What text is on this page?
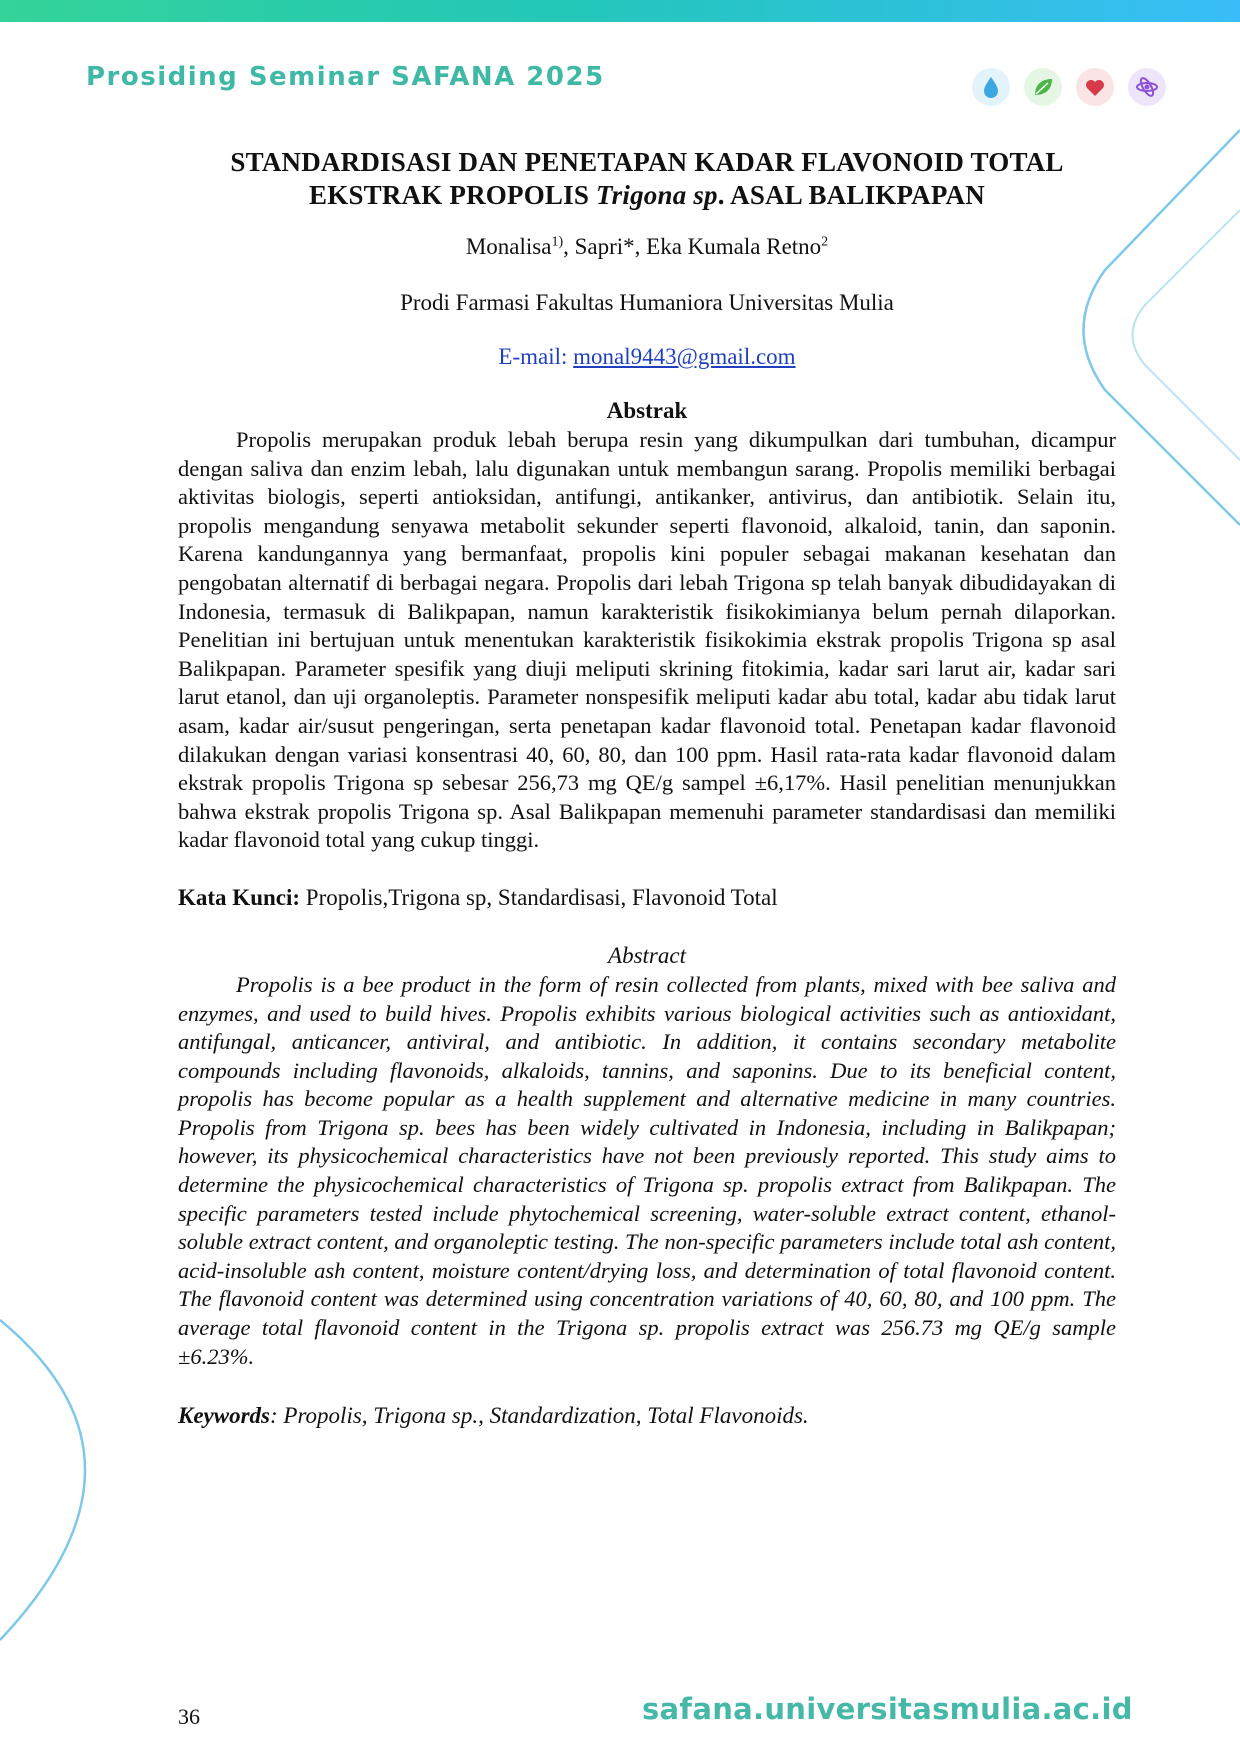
Prosiding Seminar SAFANA 2025
STANDARDISASI DAN PENETAPAN KADAR FLAVONOID TOTAL
EKSTRAK PROPOLIS Trigona sp. ASAL BALIKPAPAN
Monalisa$^{1)}$, Sapri*, Eka Kumala Retno$^2$
Prodi Farmasi Fakultas Humaniora Universitas Mulia
E-mail: monal9443@gmail.com
Abstrak

Propolis merupakan produk lebah berupa resin yang dikumpulkan dari tumbuhan, dicampur dengan saliva dan enzim lebah, lalu digunakan untuk membangun sarang. Propolis memiliki berbagai aktivitas biologis, seperti antioksidan, antifungi, antikanker, antivirus, dan antibiotik. Selain itu, propolis mengandung senyawa metabolit sekunder seperti flavonoid, alkaloid, tanin, dan saponin. Karena kandungannya yang bermanfaat, propolis kini populer sebagai makanan kesehatan dan pengobatan alternatif di berbagai negara. Propolis dari lebah Trigona sp telah banyak dibudidayakan di Indonesia, termasuk di Balikpapan, namun karakteristik fisikokimianya belum pernah dilaporkan. Penelitian ini bertujuan untuk menentukan karakteristik fisikokimia ekstrak propolis Trigona sp asal Balikpapan. Parameter spesifik yang diuji meliputi skrining fitokimia, kadar sari larut air, kadar sari larut etanol, dan uji organoleptis. Parameter nonspesifik meliputi kadar abu total, kadar abu tidak larut asam, kadar air/susut pengeringan, serta penetapan kadar flavonoid total. Penetapan kadar flavonoid dilakukan dengan variasi konsentrasi 40, 60, 80, dan 100 ppm. Hasil rata-rata kadar flavonoid dalam ekstrak propolis Trigona sp sebesar 256,73 mg QE/g sampel ±6,17%. Hasil penelitian menunjukkan bahwa ekstrak propolis Trigona sp. Asal Balikpapan memenuhi parameter standardisasi dan memiliki kadar flavonoid total yang cukup tinggi.

Kata Kunci: Propolis,Trigona sp, Standardisasi, Flavonoid Total
Abstract

Propolis is a bee product in the form of resin collected from plants, mixed with bee saliva and enzymes, and used to build hives. Propolis exhibits various biological activities such as antioxidant, antifungal, anticancer, antiviral, and antibiotic. In addition, it contains secondary metabolite compounds including flavonoids, alkaloids, tannins, and saponins. Due to its beneficial content, propolis has become popular as a health supplement and alternative medicine in many countries. Propolis from Trigona sp. bees has been widely cultivated in Indonesia, including in Balikpapan; however, its physicochemical characteristics have not been previously reported. This study aims to determine the physicochemical characteristics of Trigona sp. propolis extract from Balikpapan. The specific parameters tested include phytochemical screening, water-soluble extract content, ethanol-soluble extract content, and organoleptic testing. The non-specific parameters include total ash content, acid-insoluble ash content, moisture content/drying loss, and determination of total flavonoid content. The flavonoid content was determined using concentration variations of 40, 60, 80, and 100 ppm. The average total flavonoid content in the Trigona sp. propolis extract was 256.73 mg QE/g sample ±6.23%.

Keywords: Propolis, Trigona sp., Standardization, Total Flavonoids.
36	safana.universitasmulia.ac.id
